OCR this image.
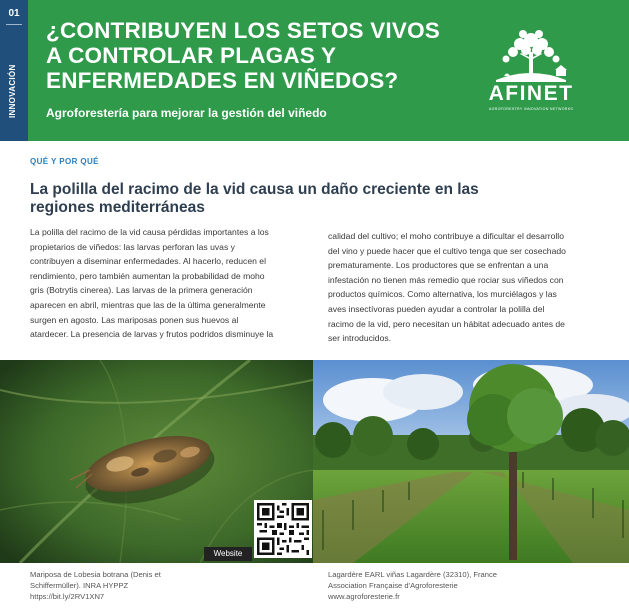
01
INNOVACIÓN
¿CONTRIBUYEN LOS SETOS VIVOS
A CONTROLAR PLAGAS Y
ENFERMEDADES EN VIÑEDOS?
Agroforestería para mejorar la gestión del viñedo
AFINET
AGROFORESTRY INNOVATION NETWORKS
QUÉ Y POR QUÉ
La polilla del racimo de la vid causa un daño creciente en las
regiones mediterráneas
La polilla del racimo de la vid causa pérdidas importantes a los
propietarios de viñedos: las larvas perforan las uvas y
contribuyen a diseminar enfermedades. Al hacerlo, reducen el
rendimiento, pero también aumentan la probabilidad de moho
gris (Botrytis cinerea). Las larvas de la primera generación
aparecen en abril, mientras que las de la última generalmente
surgen en agosto. Las mariposas ponen sus huevos al
atardecer. La presencia de larvas y frutos podridos disminuye la
calidad del cultivo; el moho contribuye a dificultar el desarrollo
del vino y puede hacer que el cultivo tenga que ser cosechado
prematuramente. Los productores que se enfrentan a una
infestación no tienen más remedio que rociar sus viñedos con
productos químicos. Como alternativa, los murciélagos y las
aves insectívoras pueden ayudar a controlar la polilla del
racimo de la vid, pero necesitan un hábitat adecuado antes de
ser introducidos.
Website
Mariposa de Lobesia botrana (Denis et
Schiffermüller). INRA HYPPZ
https://bit.ly/2RV1XN7
Lagardère EARL viñas Lagardère (32310), France
Association Française d'Agroforesterie
www.agroforesterie.fr
